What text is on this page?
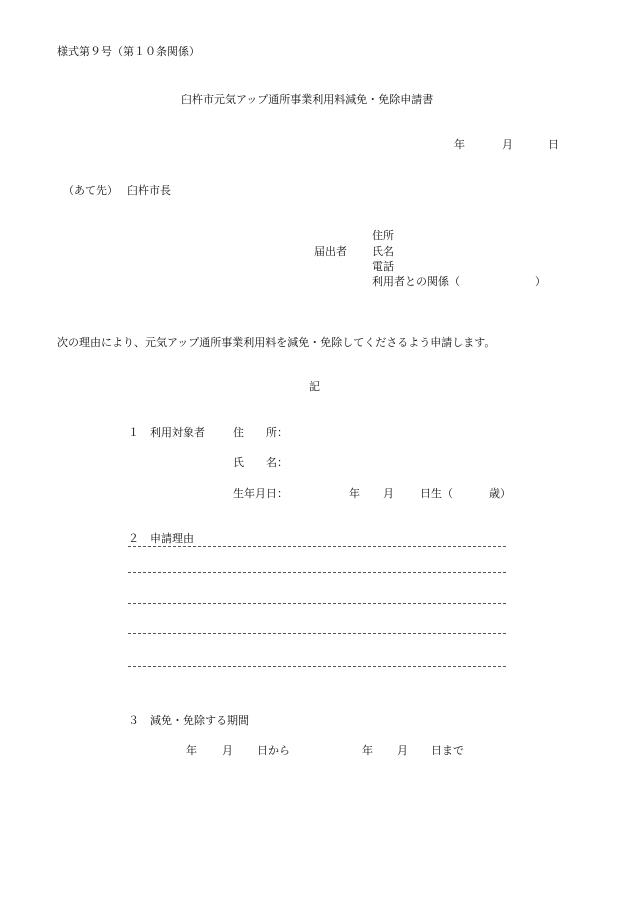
様式第９号（第１０条関係）
臼杵市元気アップ通所事業利用料減免・免除申請書
年	月	日
（あて先） 臼杵市長
住所
届出者 氏名
電話
利用者との関係（	）
次の理由により、元気アップ通所事業利用料を減免・免除してくださるよう申請します。
記
１　利用対象者	住　　所：
氏　　名：
生年月日：	年 月 日生（	歳）
２　申請理由
３　減免・免除する期間
年 月 日から	年 月 日まで
